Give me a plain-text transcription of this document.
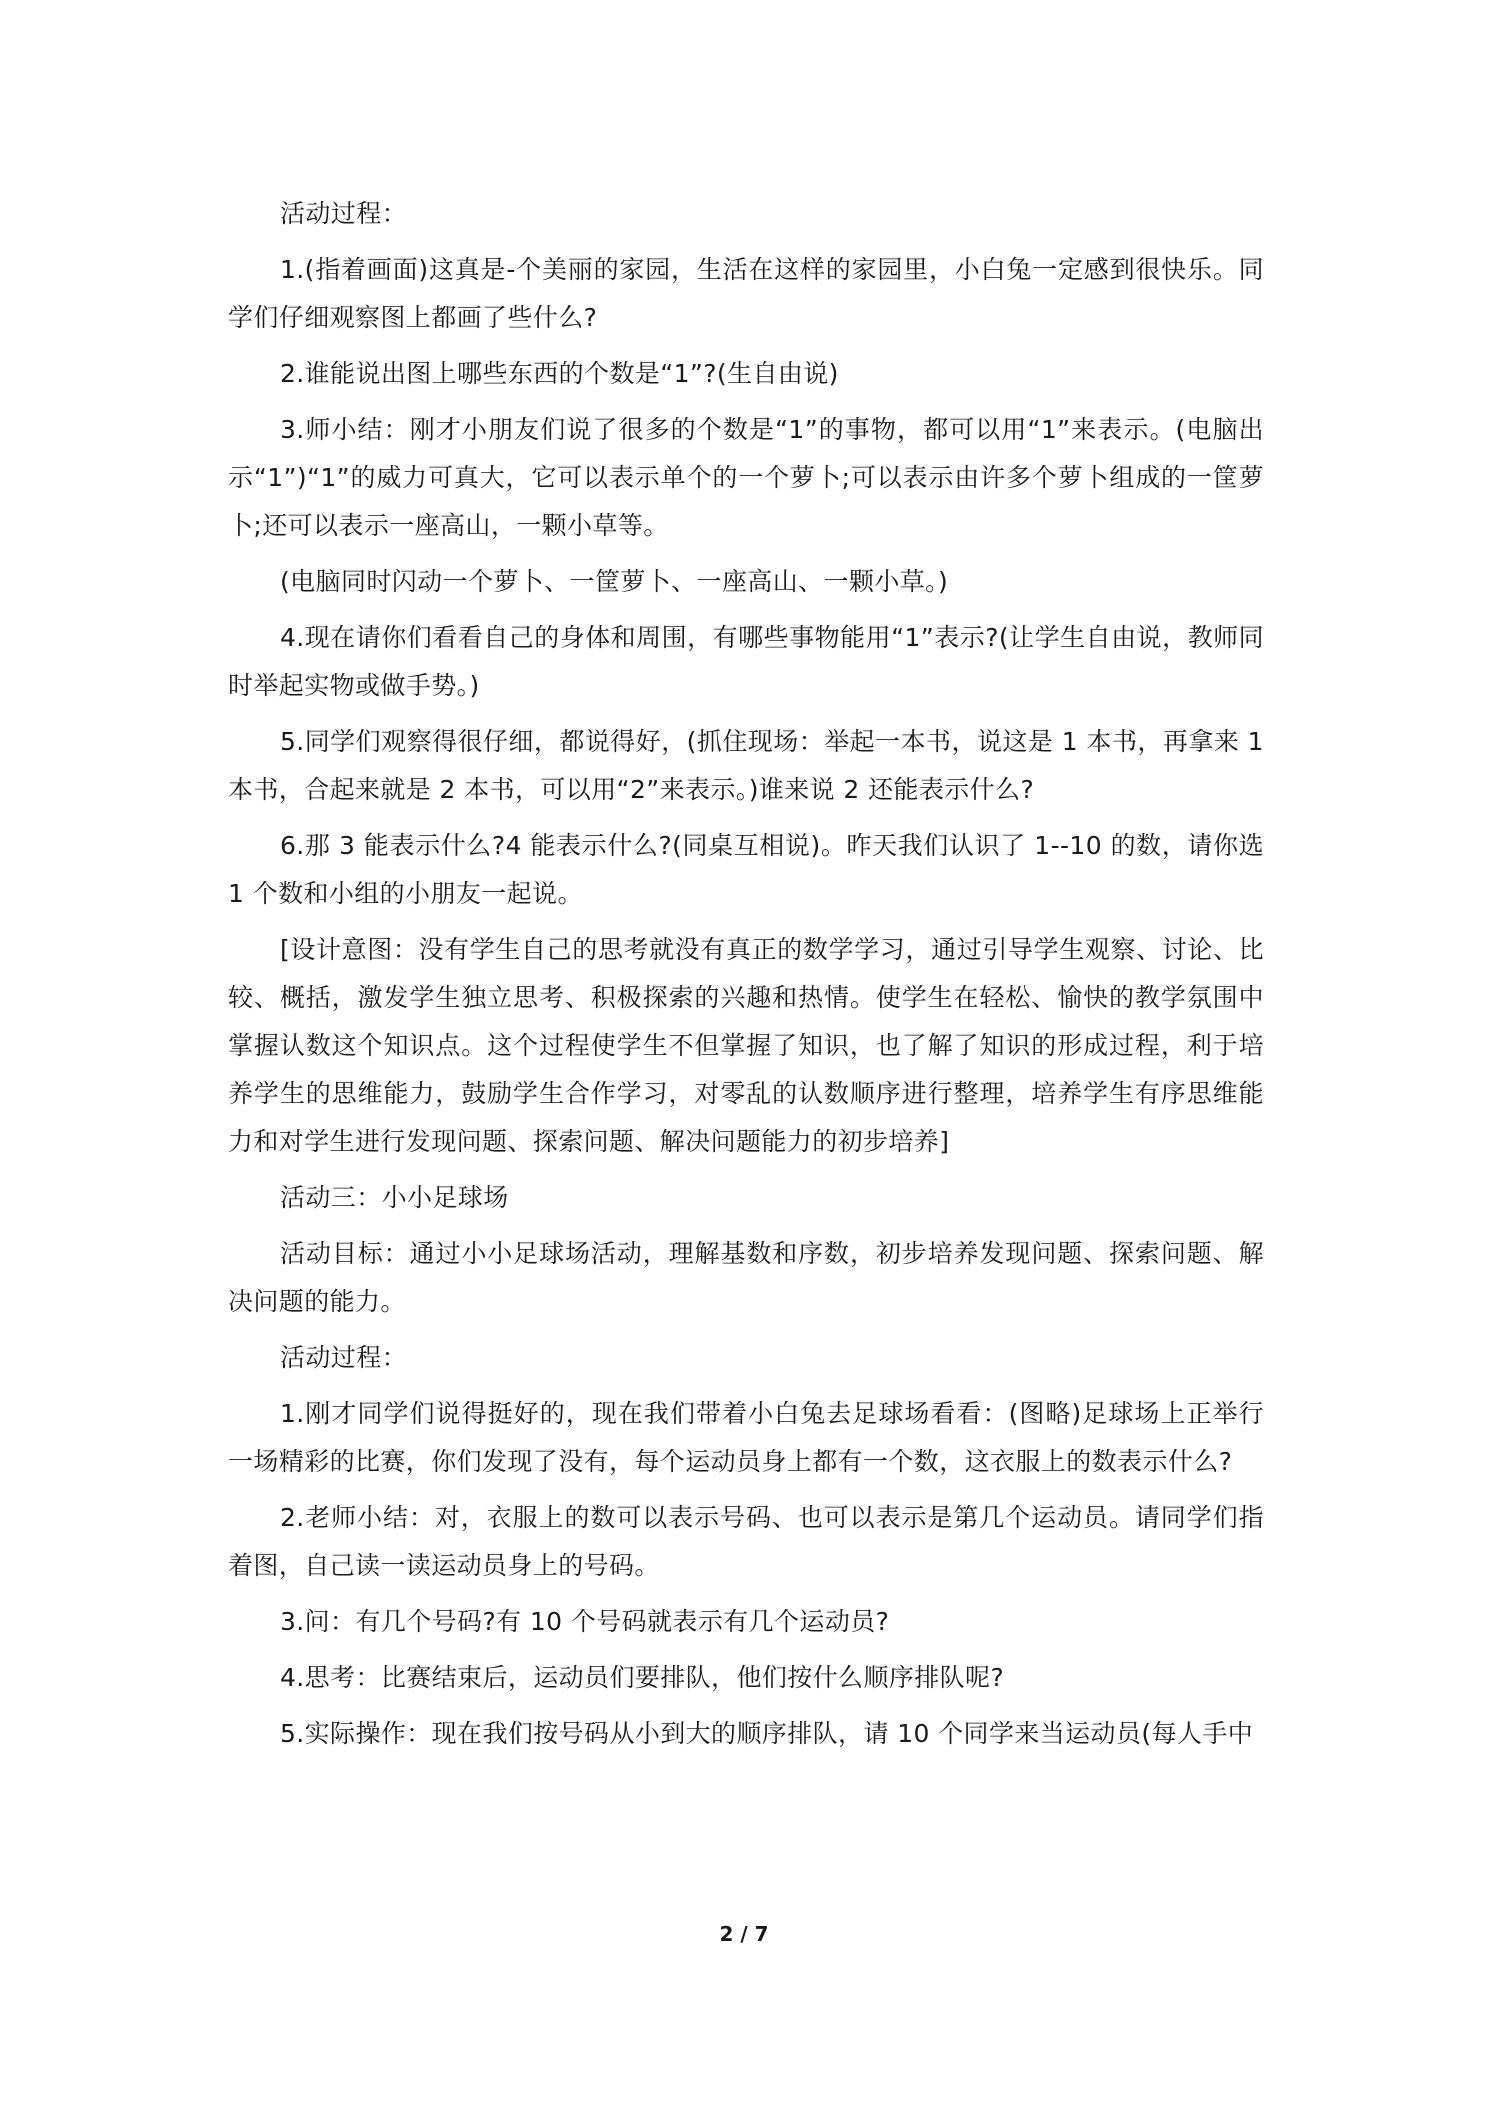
活动过程：

1.(指着画面)这真是-个美丽的家园，生活在这样的家园里，小白兔一定感到很快乐。同学们仔细观察图上都画了些什么?

2.谁能说出图上哪些东西的个数是“1”?(生自由说)

3.师小结：刚才小朋友们说了很多的个数是“1”的事物，都可以用“1”来表示。(电脑出示“1”)“1”的威力可真大，它可以表示单个的一个萝卜;可以表示由许多个萝卜组成的一筐萝卜;还可以表示一座高山，一颗小草等。

(电脑同时闪动一个萝卜、一筐萝卜、一座高山、一颗小草。)

4.现在请你们看看自己的身体和周围，有哪些事物能用“1”表示?(让学生自由说，教师同时举起实物或做手势。)

5.同学们观察得很仔细，都说得好，(抓住现场：举起一本书，说这是 1 本书，再拿来 1 本书，合起来就是 2 本书，可以用“2”来表示。)谁来说 2 还能表示什么?

6.那 3 能表示什么?4 能表示什么?(同桌互相说)。昨天我们认识了 1--10 的数，请你选 1 个数和小组的小朋友一起说。

[设计意图：没有学生自己的思考就没有真正的数学学习，通过引导学生观察、讨论、比较、概括，激发学生独立思考、积极探索的兴趣和热情。使学生在轻松、愉快的教学氛围中掌握认数这个知识点。这个过程使学生不但掌握了知识，也了解了知识的形成过程，利于培养学生的思维能力，鼓励学生合作学习，对零乱的认数顺序进行整理，培养学生有序思维能力和对学生进行发现问题、探索问题、解决问题能力的初步培养]

活动三：小小足球场

活动目标：通过小小足球场活动，理解基数和序数，初步培养发现问题、探索问题、解决问题的能力。

活动过程：

1.刚才同学们说得挺好的，现在我们带着小白兔去足球场看看：(图略)足球场上正举行一场精彩的比赛，你们发现了没有，每个运动员身上都有一个数，这衣服上的数表示什么?

2.老师小结：对，衣服上的数可以表示号码、也可以表示是第几个运动员。请同学们指着图，自己读一读运动员身上的号码。

3.问：有几个号码?有 10 个号码就表示有几个运动员?

4.思考：比赛结束后，运动员们要排队，他们按什么顺序排队呢?

5.实际操作：现在我们按号码从小到大的顺序排队，请 10 个同学来当运动员(每人手中

2 / 7
